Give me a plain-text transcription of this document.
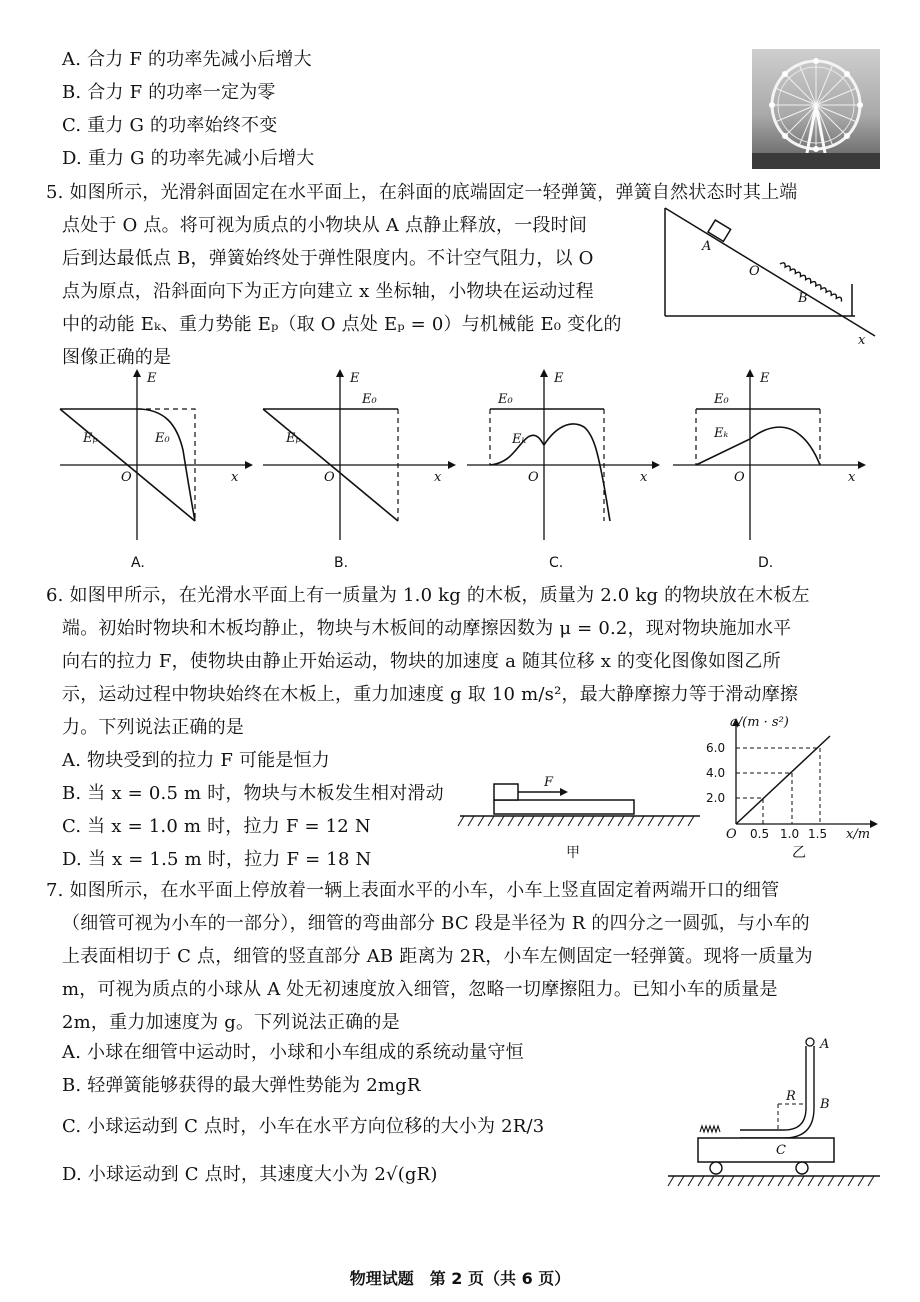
A. 合力 F 的功率先减小后增大
B. 合力 F 的功率一定为零
C. 重力 G 的功率始终不变
D. 重力 G 的功率先减小后增大
5. 如图所示，光滑斜面固定在水平面上，在斜面的底端固定一轻弹簧，弹簧自然状态时其上端
点处于 O 点。将可视为质点的小物块从 A 点静止释放，一段时间
后到达最低点 B，弹簧始终处于弹性限度内。不计空气阻力，以 O
点为原点，沿斜面向下为正方向建立 x 坐标轴，小物块在运动过程
中的动能 Eₖ、重力势能 Eₚ（取 O 点处 Eₚ = 0）与机械能 E₀ 变化的
图像正确的是
A
O
B
x
E
O	x
Eₚ	E₀
A.
E
E₀
O	x
Eₚ
B.
E
E₀
Eₖ
O	x
C.
E
E₀
Eₖ
O	x
D.
6. 如图甲所示，在光滑水平面上有一质量为 1.0 kg 的木板，质量为 2.0 kg 的物块放在木板左
端。初始时物块和木板均静止，物块与木板间的动摩擦因数为 μ = 0.2，现对物块施加水平
向右的拉力 F，使物块由静止开始运动，物块的加速度 a 随其位移 x 的变化图像如图乙所
示，运动过程中物块始终在木板上，重力加速度 g 取 10 m/s²，最大静摩擦力等于滑动摩擦
力。下列说法正确的是
A. 物块受到的拉力 F 可能是恒力
B. 当 x = 0.5 m 时，物块与木板发生相对滑动
C. 当 x = 1.0 m 时，拉力 F = 12 N
D. 当 x = 1.5 m 时，拉力 F = 18 N
F
甲
a/(m · s²)
2.0
4.0
6.0
O 0.5 1.0 1.5 x/m
乙
7. 如图所示，在水平面上停放着一辆上表面水平的小车，小车上竖直固定着两端开口的细管
（细管可视为小车的一部分），细管的弯曲部分 BC 段是半径为 R 的四分之一圆弧，与小车的
上表面相切于 C 点，细管的竖直部分 AB 距离为 2R，小车左侧固定一轻弹簧。现将一质量为
m，可视为质点的小球从 A 处无初速度放入细管，忽略一切摩擦阻力。已知小车的质量是
2m，重力加速度为 g。下列说法正确的是
A. 小球在细管中运动时，小球和小车组成的系统动量守恒
B. 轻弹簧能够获得的最大弹性势能为 2mgR
C. 小球运动到 C 点时，小车在水平方向位移的大小为 2R/3
D. 小球运动到 C 点时，其速度大小为 2√(gR)
A
B
R
C
物理试题　第 2 页（共 6 页）
